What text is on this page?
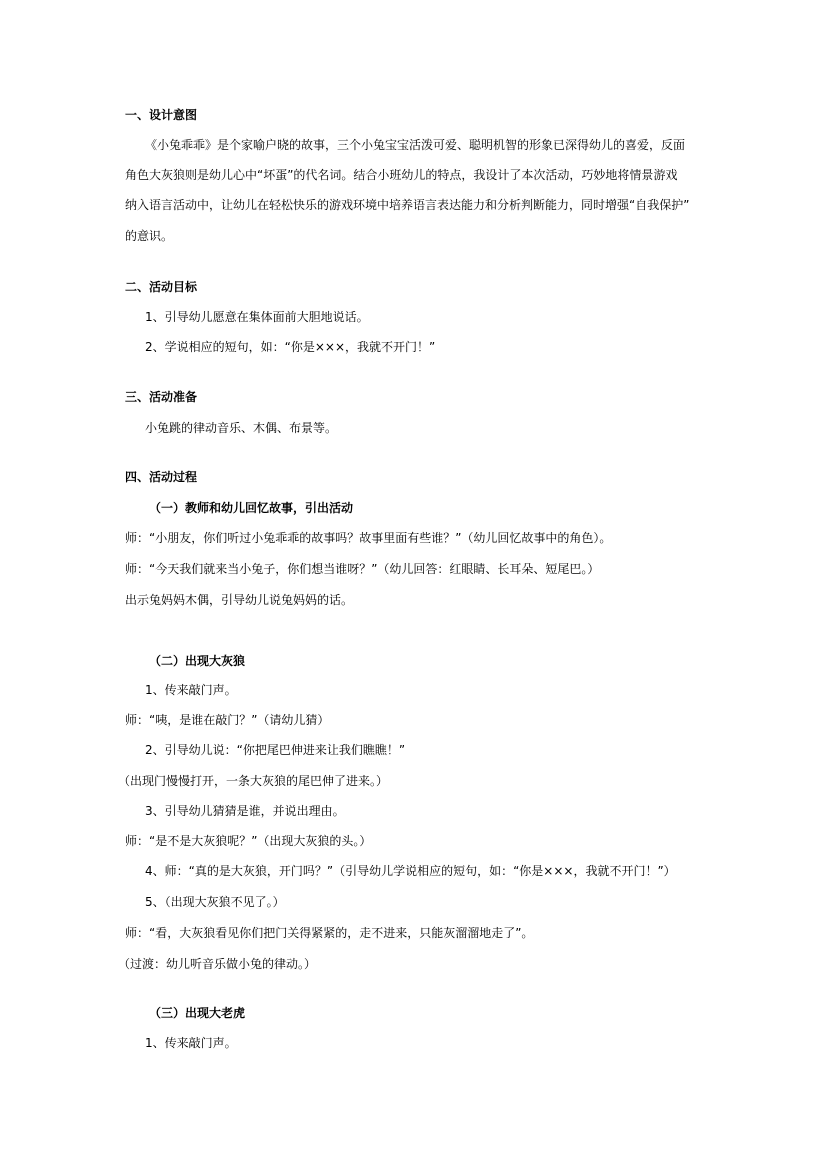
一、设计意图
《小兔乖乖》是个家喻户晓的故事，三个小兔宝宝活泼可爱、聪明机智的形象已深得幼儿的喜爱，反面
角色大灰狼则是幼儿心中“坏蛋”的代名词。结合小班幼儿的特点，我设计了本次活动，巧妙地将情景游戏
纳入语言活动中，让幼儿在轻松快乐的游戏环境中培养语言表达能力和分析判断能力，同时增强“自我保护”
的意识。
二、活动目标
1、引导幼儿愿意在集体面前大胆地说话。
2、学说相应的短句，如：“你是×××，我就不开门！”
三、活动准备
小兔跳的律动音乐、木偶、布景等。
四、活动过程
（一）教师和幼儿回忆故事，引出活动
师：“小朋友，你们听过小兔乖乖的故事吗？故事里面有些谁？”（幼儿回忆故事中的角色）。
师：“今天我们就来当小兔子，你们想当谁呀？”（幼儿回答：红眼睛、长耳朵、短尾巴。）
出示兔妈妈木偶，引导幼儿说兔妈妈的话。
（二）出现大灰狼
1、传来敲门声。
师：“咦，是谁在敲门？”（请幼儿猜）
2、引导幼儿说：“你把尾巴伸进来让我们瞧瞧！”
（出现门慢慢打开，一条大灰狼的尾巴伸了进来。）
3、引导幼儿猜猜是谁，并说出理由。
师：“是不是大灰狼呢？”（出现大灰狼的头。）
4、师：“真的是大灰狼，开门吗？”（引导幼儿学说相应的短句，如：“你是×××，我就不开门！”）
5、（出现大灰狼不见了。）
师：“看，大灰狼看见你们把门关得紧紧的，走不进来，只能灰溜溜地走了”。
（过渡：幼儿听音乐做小兔的律动。）
（三）出现大老虎
1、传来敲门声。
